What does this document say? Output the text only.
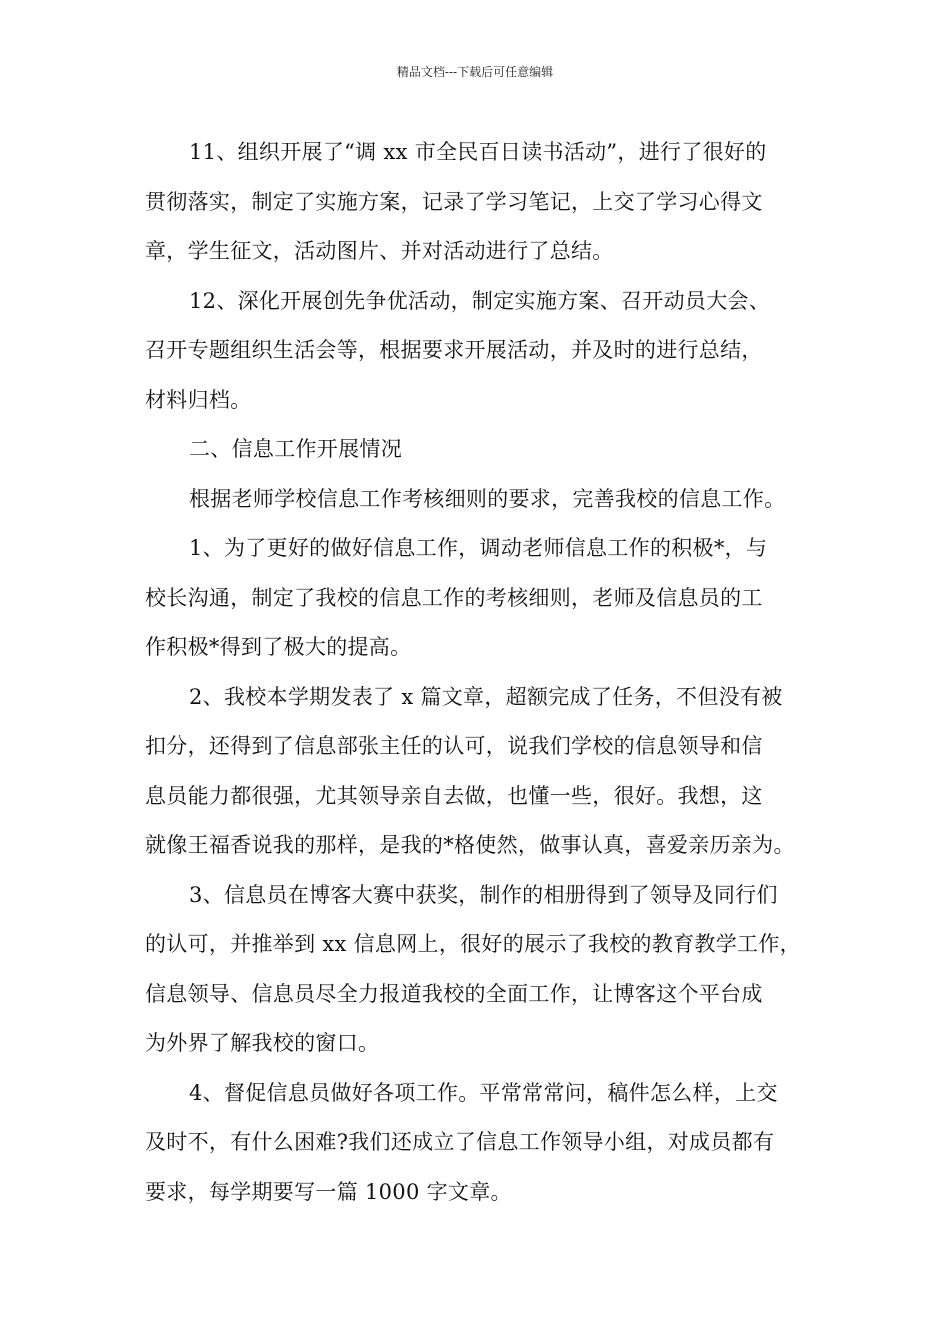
精品文档---下载后可任意编辑
11、组织开展了“调 xx 市全民百日读书活动”，进行了很好的
贯彻落实，制定了实施方案，记录了学习笔记，上交了学习心得文
章，学生征文，活动图片、并对活动进行了总结。
12、深化开展创先争优活动，制定实施方案、召开动员大会、
召开专题组织生活会等，根据要求开展活动，并及时的进行总结，
材料归档。
二、信息工作开展情况
根据老师学校信息工作考核细则的要求，完善我校的信息工作。
1、为了更好的做好信息工作，调动老师信息工作的积极*，与
校长沟通，制定了我校的信息工作的考核细则，老师及信息员的工
作积极*得到了极大的提高。
2、我校本学期发表了 x 篇文章，超额完成了任务，不但没有被
扣分，还得到了信息部张主任的认可，说我们学校的信息领导和信
息员能力都很强，尤其领导亲自去做，也懂一些，很好。我想，这
就像王福香说我的那样，是我的*格使然，做事认真，喜爱亲历亲为。
3、信息员在博客大赛中获奖，制作的相册得到了领导及同行们
的认可，并推举到 xx 信息网上，很好的展示了我校的教育教学工作，
信息领导、信息员尽全力报道我校的全面工作，让博客这个平台成
为外界了解我校的窗口。
4、督促信息员做好各项工作。平常常常问，稿件怎么样，上交
及时不，有什么困难?我们还成立了信息工作领导小组，对成员都有
要求，每学期要写一篇 1000 字文章。
